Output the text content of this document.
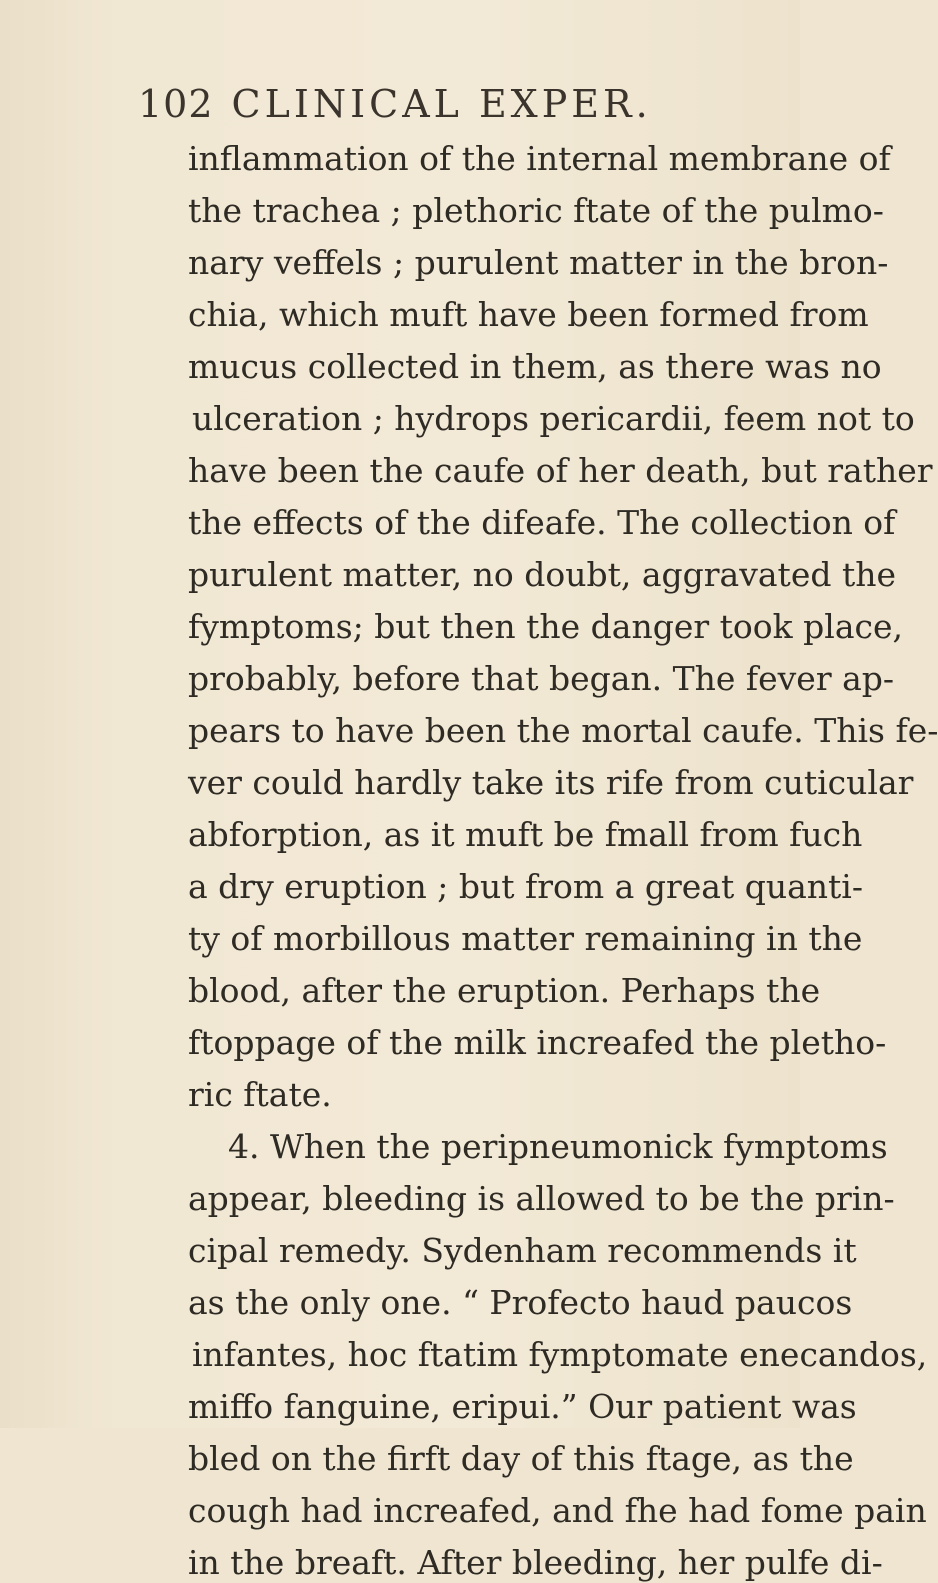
102 CLINICAL EXPER.
inflammation of the internal membrane of
the trachea ; plethoric ftate of the pulmo-
nary veffels ; purulent matter in the bron-
chia, which muft have been formed from
mucus collected in them, as there was no
ulceration ; hydrops pericardii, feem not to
have been the caufe of her death, but rather
the effects of the difeafe. The collection of
purulent matter, no doubt, aggravated the
fymptoms; but then the danger took place,
probably, before that began. The fever ap-
pears to have been the mortal caufe. This fe-
ver could hardly take its rife from cuticular
abforption, as it muft be fmall from fuch
a dry eruption ; but from a great quanti-
ty of morbillous matter remaining in the
blood, after the eruption. Perhaps the
ftoppage of the milk increafed the pletho-
ric ftate.
4. When the peripneumonick fymptoms
appear, bleeding is allowed to be the prin-
cipal remedy. Sydenham recommends it
as the only one. “ Profecto haud paucos
infantes, hoc ftatim fymptomate enecandos,
miffo fanguine, eripui.” Our patient was
bled on the firft day of this ftage, as the
cough had increafed, and fhe had fome pain
in the breaft. After bleeding, her pulfe di-
